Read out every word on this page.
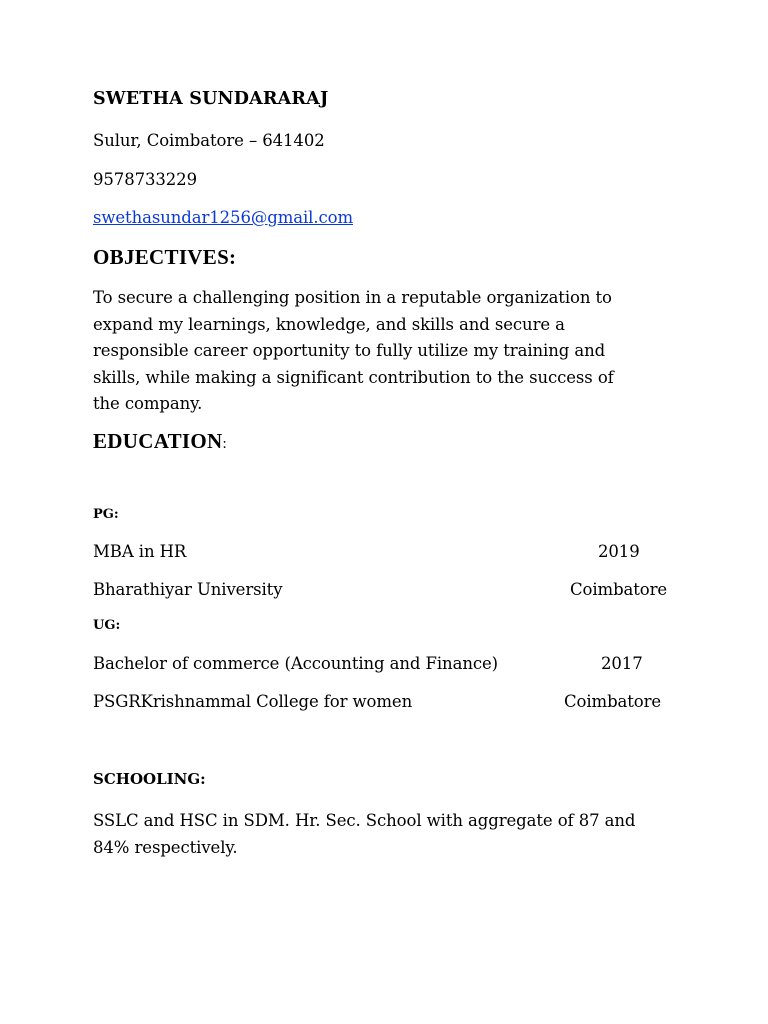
SWETHA SUNDARARAJ
Sulur, Coimbatore – 641402
9578733229
swethasundar1256@gmail.com
OBJECTIVES:
To secure a challenging position in a reputable organization to
expand my learnings, knowledge, and skills and secure a
responsible career opportunity to fully utilize my training and
skills, while making a significant contribution to the success of
the company.
EDUCATION:
PG:
MBA in HR	2019
Bharathiyar University	Coimbatore
UG:
Bachelor of commerce (Accounting and Finance)	2017
PSGRKrishnammal College for women	Coimbatore
SCHOOLING:
SSLC and HSC in SDM. Hr. Sec. School with aggregate of 87 and
84% respectively.
